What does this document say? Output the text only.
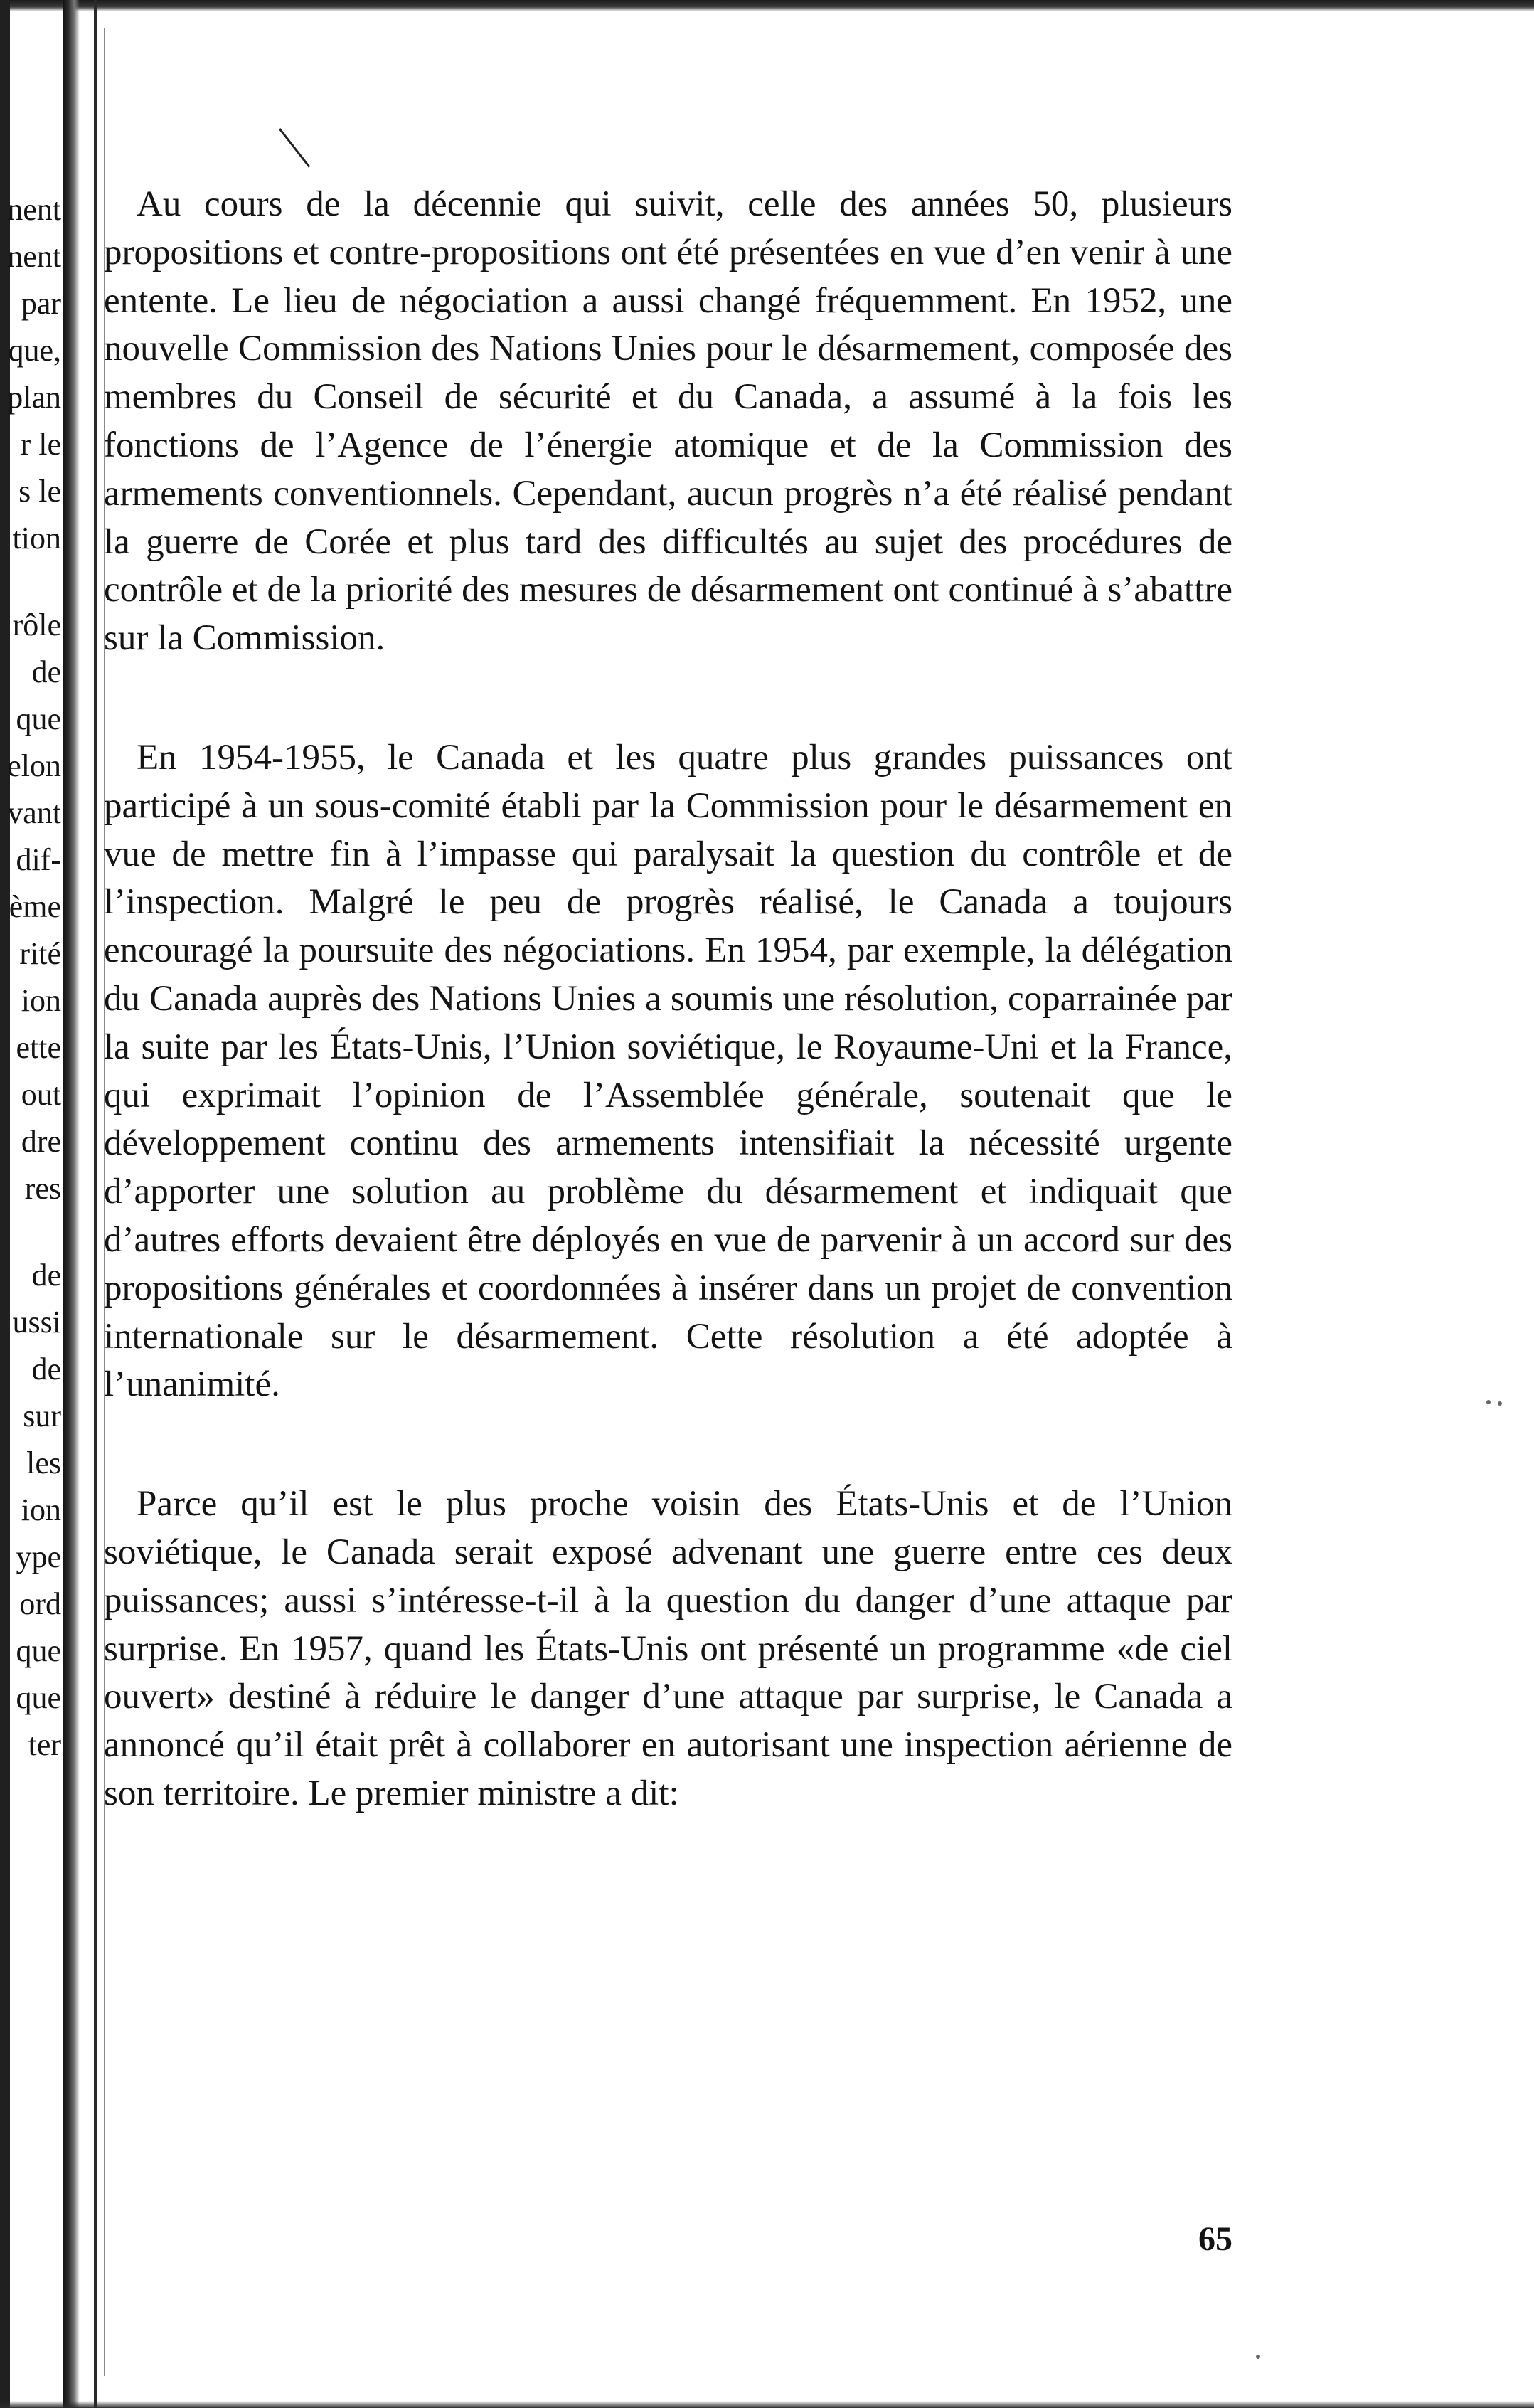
nent
nent
par
que,
plan
r le
s le
tion
rôle
de
que
elon
vant
dif-
ème
rité
ion
ette
out
dre
res
de
ussi
de
sur
les
ion
ype
ord
que
que
ter

Au cours de la décennie qui suivit, celle des années 50, plusieurs propositions et contre-propositions ont été présentées en vue d’en venir à une entente. Le lieu de négociation a aussi changé fréquemment. En 1952, une nouvelle Commission des Nations Unies pour le désarmement, composée des membres du Conseil de sécurité et du Canada, a assumé à la fois les fonctions de l’Agence de l’énergie atomique et de la Commission des armements conventionnels. Cependant, aucun progrès n’a été réalisé pendant la guerre de Corée et plus tard des difficultés au sujet des procédures de contrôle et de la priorité des mesures de désarmement ont continué à s’abattre sur la Commission.

En 1954-1955, le Canada et les quatre plus grandes puissances ont participé à un sous-comité établi par la Commission pour le désarmement en vue de mettre fin à l’impasse qui paralysait la question du contrôle et de l’inspection. Malgré le peu de progrès réalisé, le Canada a toujours encouragé la poursuite des négociations. En 1954, par exemple, la délégation du Canada auprès des Nations Unies a soumis une résolution, coparrainée par la suite par les États-Unis, l’Union soviétique, le Royaume-Uni et la France, qui exprimait l’opinion de l’Assemblée générale, soutenait que le développement continu des armements intensifiait la nécessité urgente d’apporter une solution au problème du désarmement et indiquait que d’autres efforts devaient être déployés en vue de parvenir à un accord sur des propositions générales et coordonnées à insérer dans un projet de convention internationale sur le désarmement. Cette résolution a été adoptée à l’unanimité.

Parce qu’il est le plus proche voisin des États-Unis et de l’Union soviétique, le Canada serait exposé advenant une guerre entre ces deux puissances; aussi s’intéresse-t-il à la question du danger d’une attaque par surprise. En 1957, quand les États-Unis ont présenté un programme «de ciel ouvert» destiné à réduire le danger d’une attaque par surprise, le Canada a annoncé qu’il était prêt à collaborer en autorisant une inspection aérienne de son territoire. Le premier ministre a dit:

65
